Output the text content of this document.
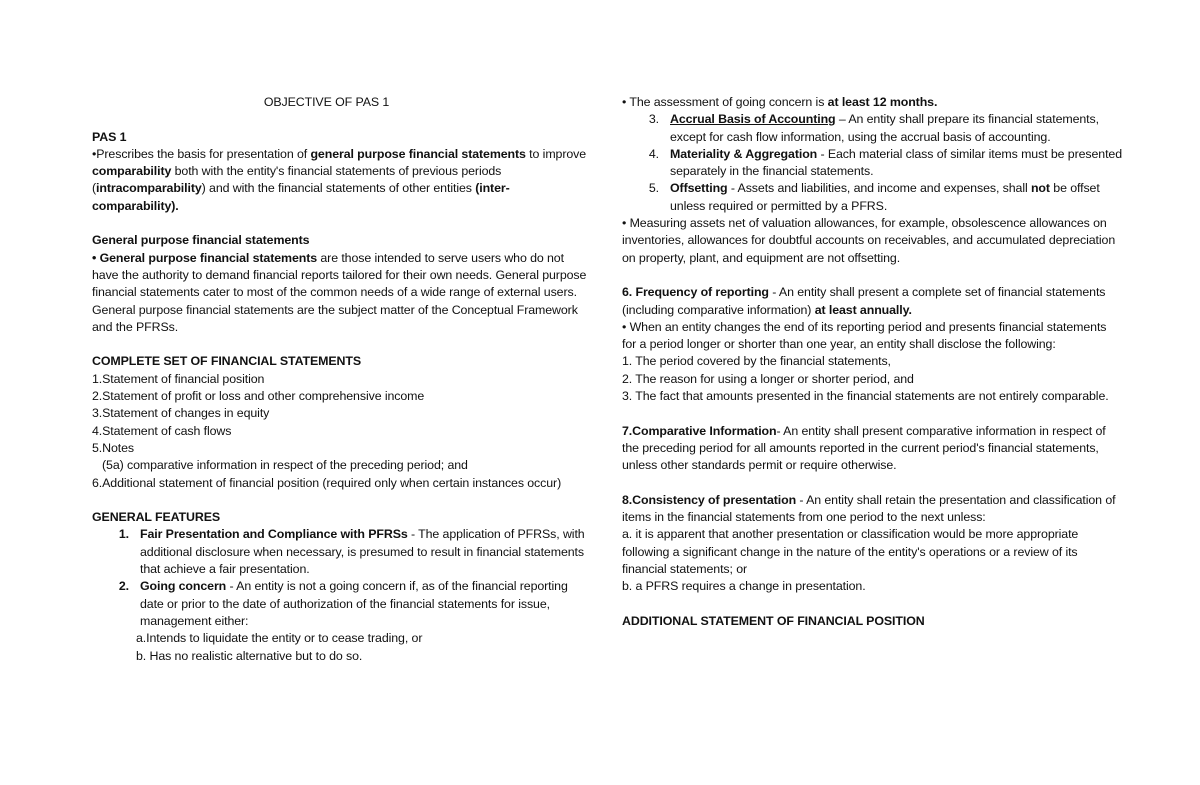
OBJECTIVE OF PAS 1

PAS 1

•Prescribes the basis for presentation of general purpose financial statements to improve comparability both with the entity's financial statements of previous periods (intracomparability) and with the financial statements of other entities (inter-comparability).

General purpose financial statements

• General purpose financial statements are those intended to serve users who do not have the authority to demand financial reports tailored for their own needs. General purpose financial statements cater to most of the common needs of a wide range of external users. General purpose financial statements are the subject matter of the Conceptual Framework and the PFRSs.

COMPLETE SET OF FINANCIAL STATEMENTS

1.Statement of financial position

2.Statement of profit or loss and other comprehensive income

3.Statement of changes in equity

4.Statement of cash flows

5.Notes

(5a) comparative information in respect of the preceding period; and

6.Additional statement of financial position (required only when certain instances occur)

GENERAL FEATURES

1. Fair Presentation and Compliance with PFRSs - The application of PFRSs, with additional disclosure when necessary, is presumed to result in financial statements that achieve a fair presentation.
2. Going concern - An entity is not a going concern if, as of the financial reporting date or prior to the date of authorization of the financial statements for issue, management either:

a.Intends to liquidate the entity or to cease trading, or

b. Has no realistic alternative but to do so.

• The assessment of going concern is at least 12 months.

3. Accrual Basis of Accounting – An entity shall prepare its financial statements, except for cash flow information, using the accrual basis of accounting.
4. Materiality & Aggregation - Each material class of similar items must be presented separately in the financial statements.
5. Offsetting - Assets and liabilities, and income and expenses, shall not be offset unless required or permitted by a PFRS.

• Measuring assets net of valuation allowances, for example, obsolescence allowances on inventories, allowances for doubtful accounts on receivables, and accumulated depreciation on property, plant, and equipment are not offsetting.

6. Frequency of reporting - An entity shall present a complete set of financial statements (including comparative information) at least annually.

• When an entity changes the end of its reporting period and presents financial statements for a period longer or shorter than one year, an entity shall disclose the following:

1. The period covered by the financial statements,

2. The reason for using a longer or shorter period, and

3. The fact that amounts presented in the financial statements are not entirely comparable.

7.Comparative Information- An entity shall present comparative information in respect of the preceding period for all amounts reported in the current period's financial statements, unless other standards permit or require otherwise.

8.Consistency of presentation - An entity shall retain the presentation and classification of items in the financial statements from one period to the next unless:

a. it is apparent that another presentation or classification would be more appropriate following a significant change in the nature of the entity's operations or a review of its financial statements; or

b. a PFRS requires a change in presentation.

ADDITIONAL STATEMENT OF FINANCIAL POSITION
